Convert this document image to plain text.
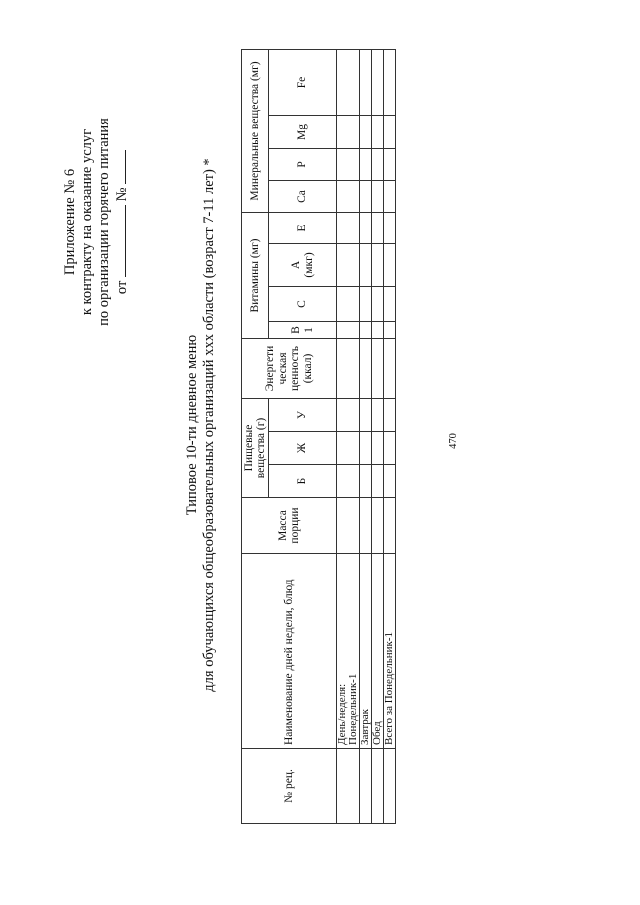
Приложение № 6 к контракту на оказание услуг по организации горячего питания от  №
Типовое 10-ти дневное меню для обучающихся общеобразовательных организаций xxx области (возраст 7-11 лет) *	470
№ рец.	Наименование дней недели, блюд	Масса порции	Пищевые вещества (г)			Энергети ческая ценность (ккал)	Витамины (мг)				Минеральные вещества (мг)			
			Б	Ж	У		В 1	С	А (мкг)	Е	Ca	P	Mg	Fe
	День/неделя:
Понедельник-1													
	Завтрак													
	Обед													
	Всего за Понедельник-1													
